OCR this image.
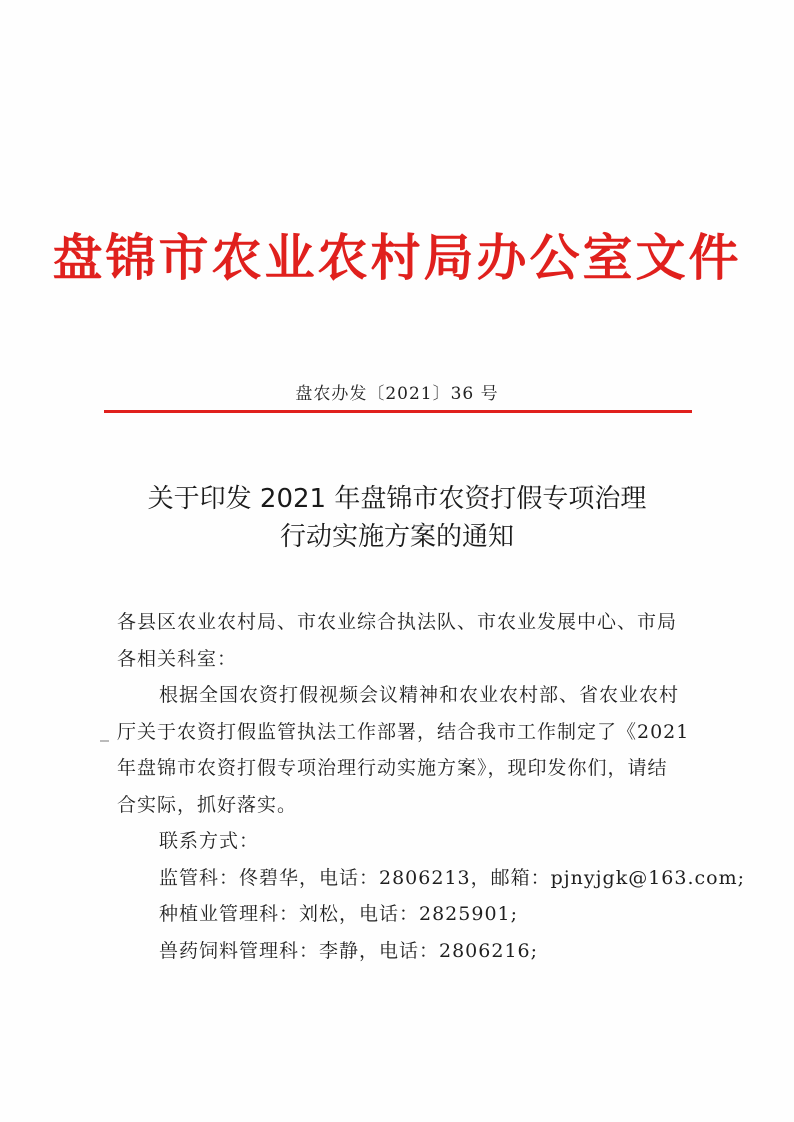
盘锦市农业农村局办公室文件
盘农办发〔2021〕36 号
关于印发 2021 年盘锦市农资打假专项治理
行动实施方案的通知
各县区农业农村局、市农业综合执法队、市农业发展中心、市局
各相关科室：
根据全国农资打假视频会议精神和农业农村部、省农业农村
厅关于农资打假监管执法工作部署，结合我市工作制定了《2021
年盘锦市农资打假专项治理行动实施方案》，现印发你们，请结
合实际，抓好落实。
联系方式：
监管科：佟碧华，电话：2806213，邮箱：pjnyjgk@163.com;
种植业管理科：刘松，电话：2825901;
兽药饲料管理科：李静，电话：2806216;
